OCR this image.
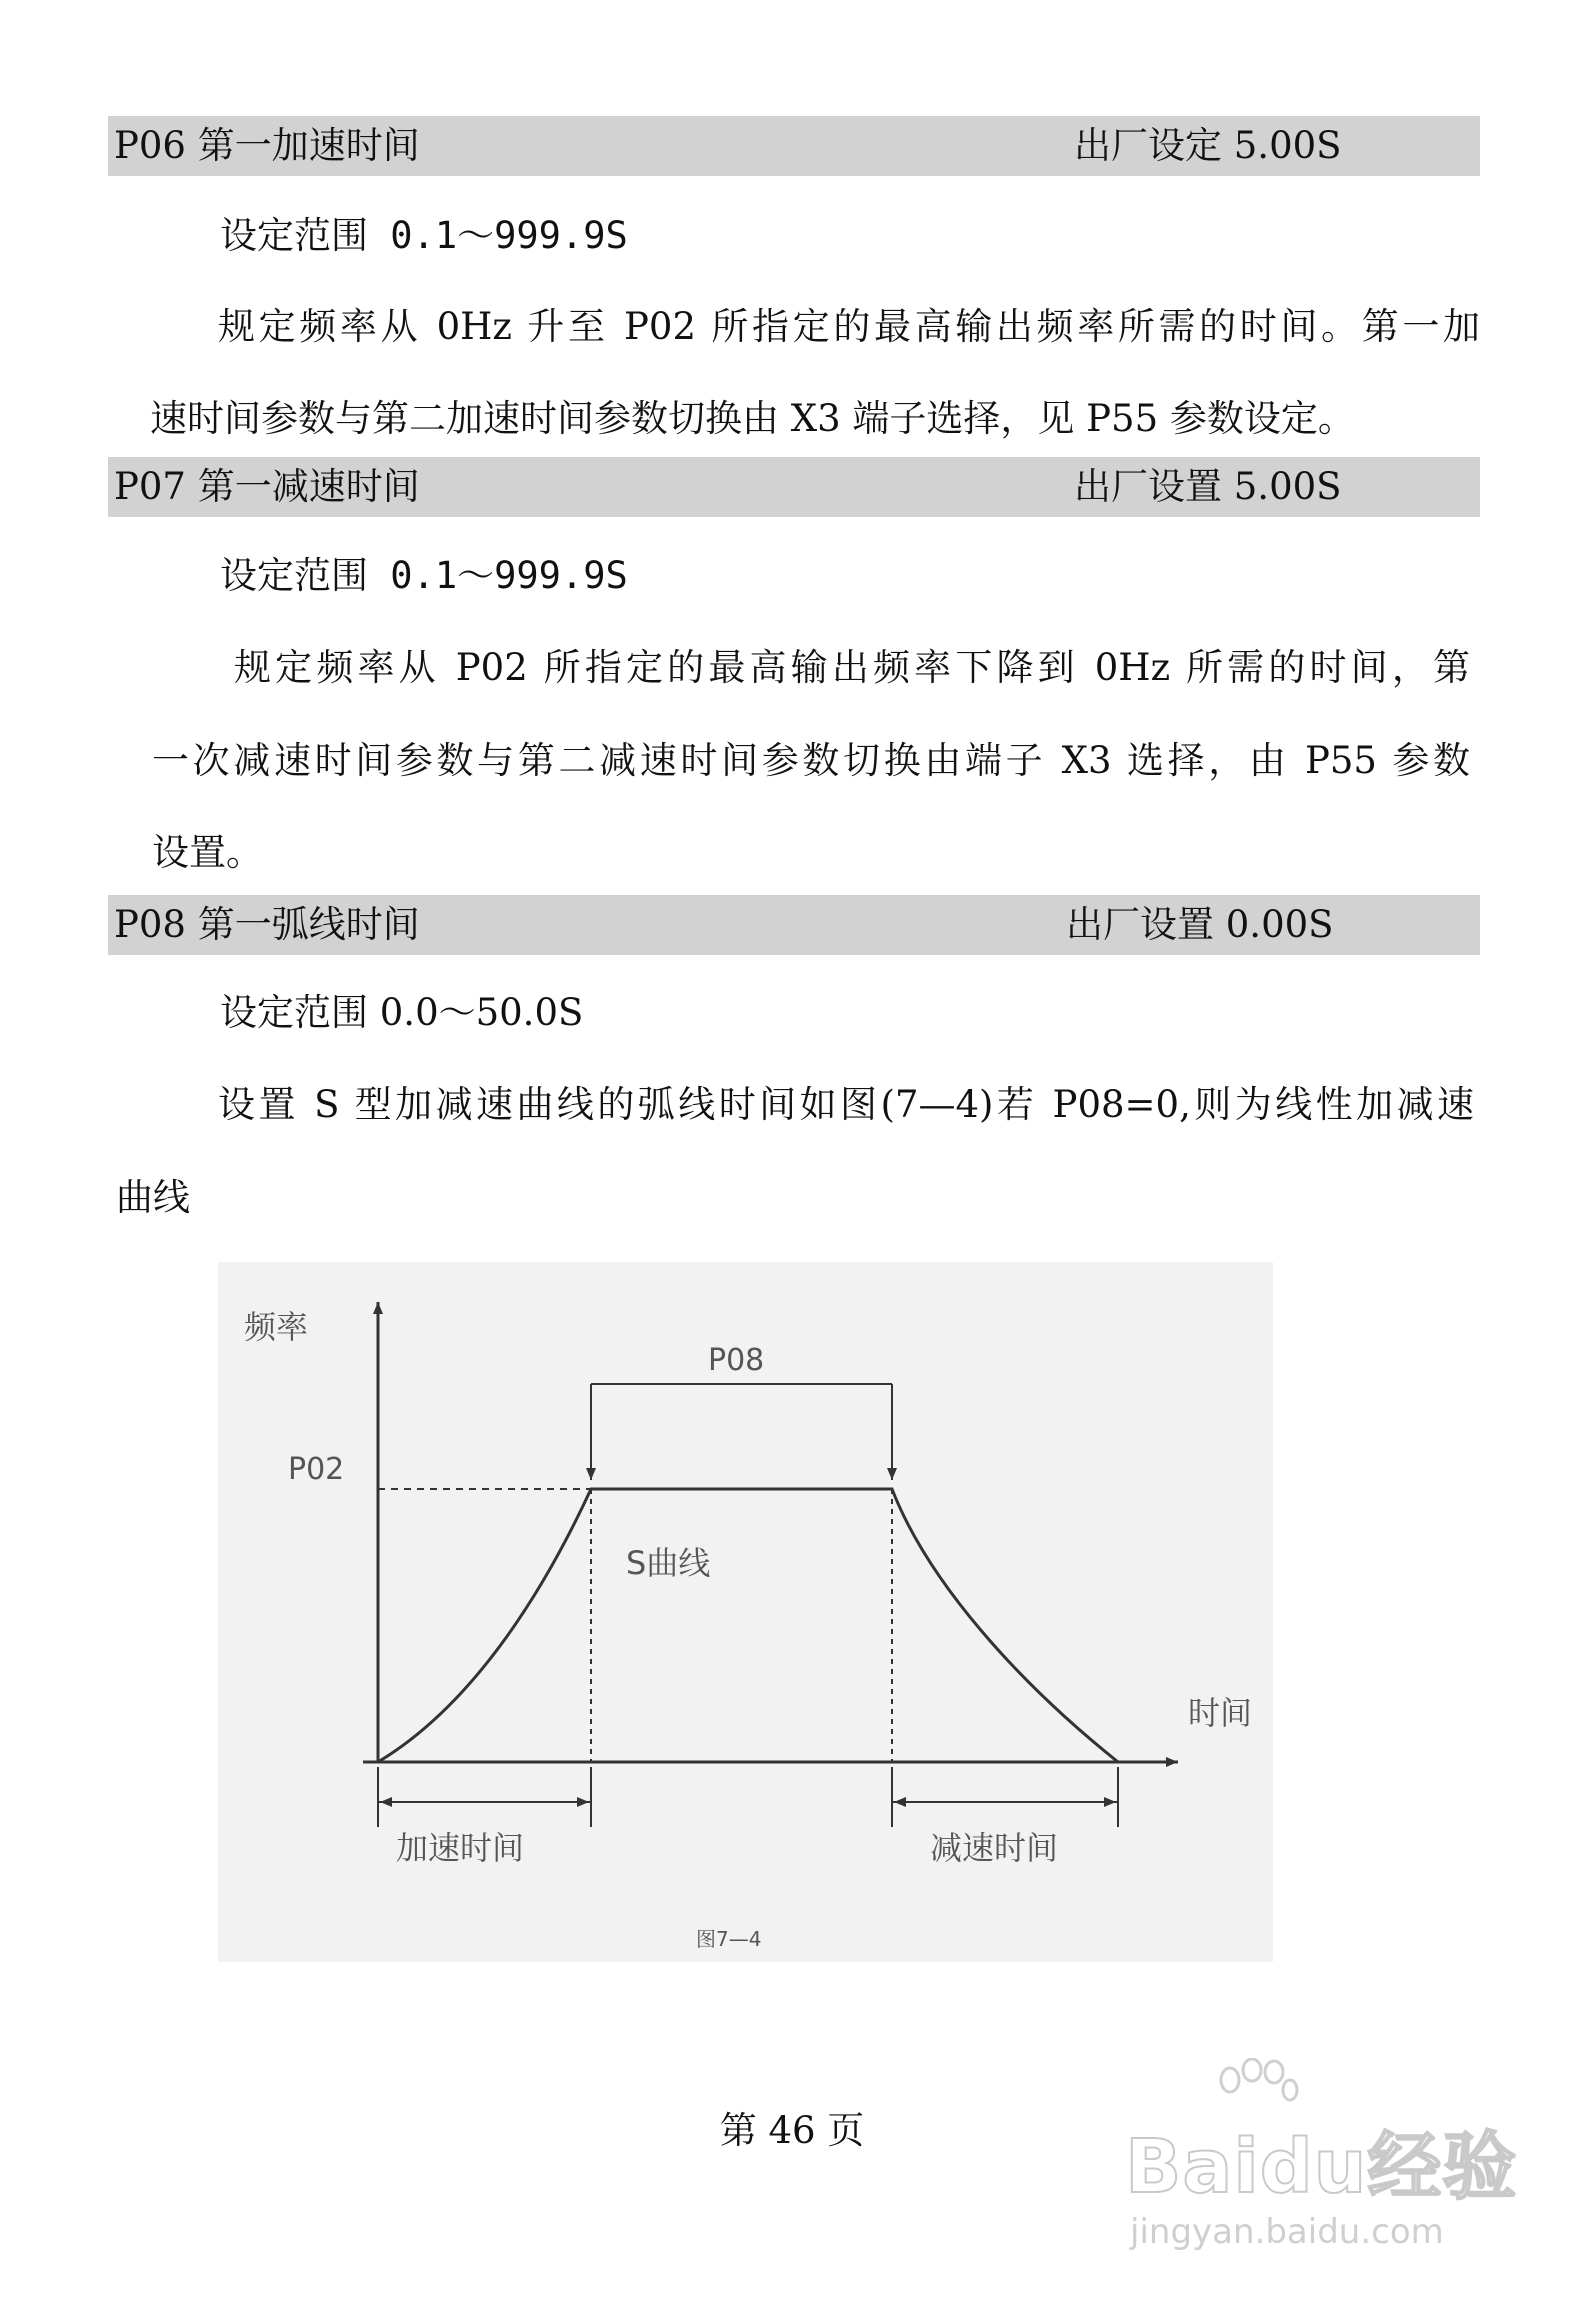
P06 第一加速时间	出厂设定 5.00S
设定范围 0.1～999.9S
规定频率从 0Hz 升至 P02 所指定的最高输出频率所需的时间。第一加
速时间参数与第二加速时间参数切换由 X3 端子选择，见 P55 参数设定。
P07 第一减速时间	出厂设置 5.00S
设定范围 0.1～999.9S
规定频率从 P02 所指定的最高输出频率下降到 0Hz 所需的时间，第
一次减速时间参数与第二减速时间参数切换由端子 X3 选择，由 P55 参数
设置。
P08 第一弧线时间	出厂设置 0.00S
设定范围 0.0～50.0S
设置 S 型加减速曲线的弧线时间如图(7—4)若 P08=0,则为线性加减速
曲线
频率
P02
P08
S曲线
时间
加速时间	减速时间
图7—4
第 46 页	Baidu经验
jingyan.baidu.com
